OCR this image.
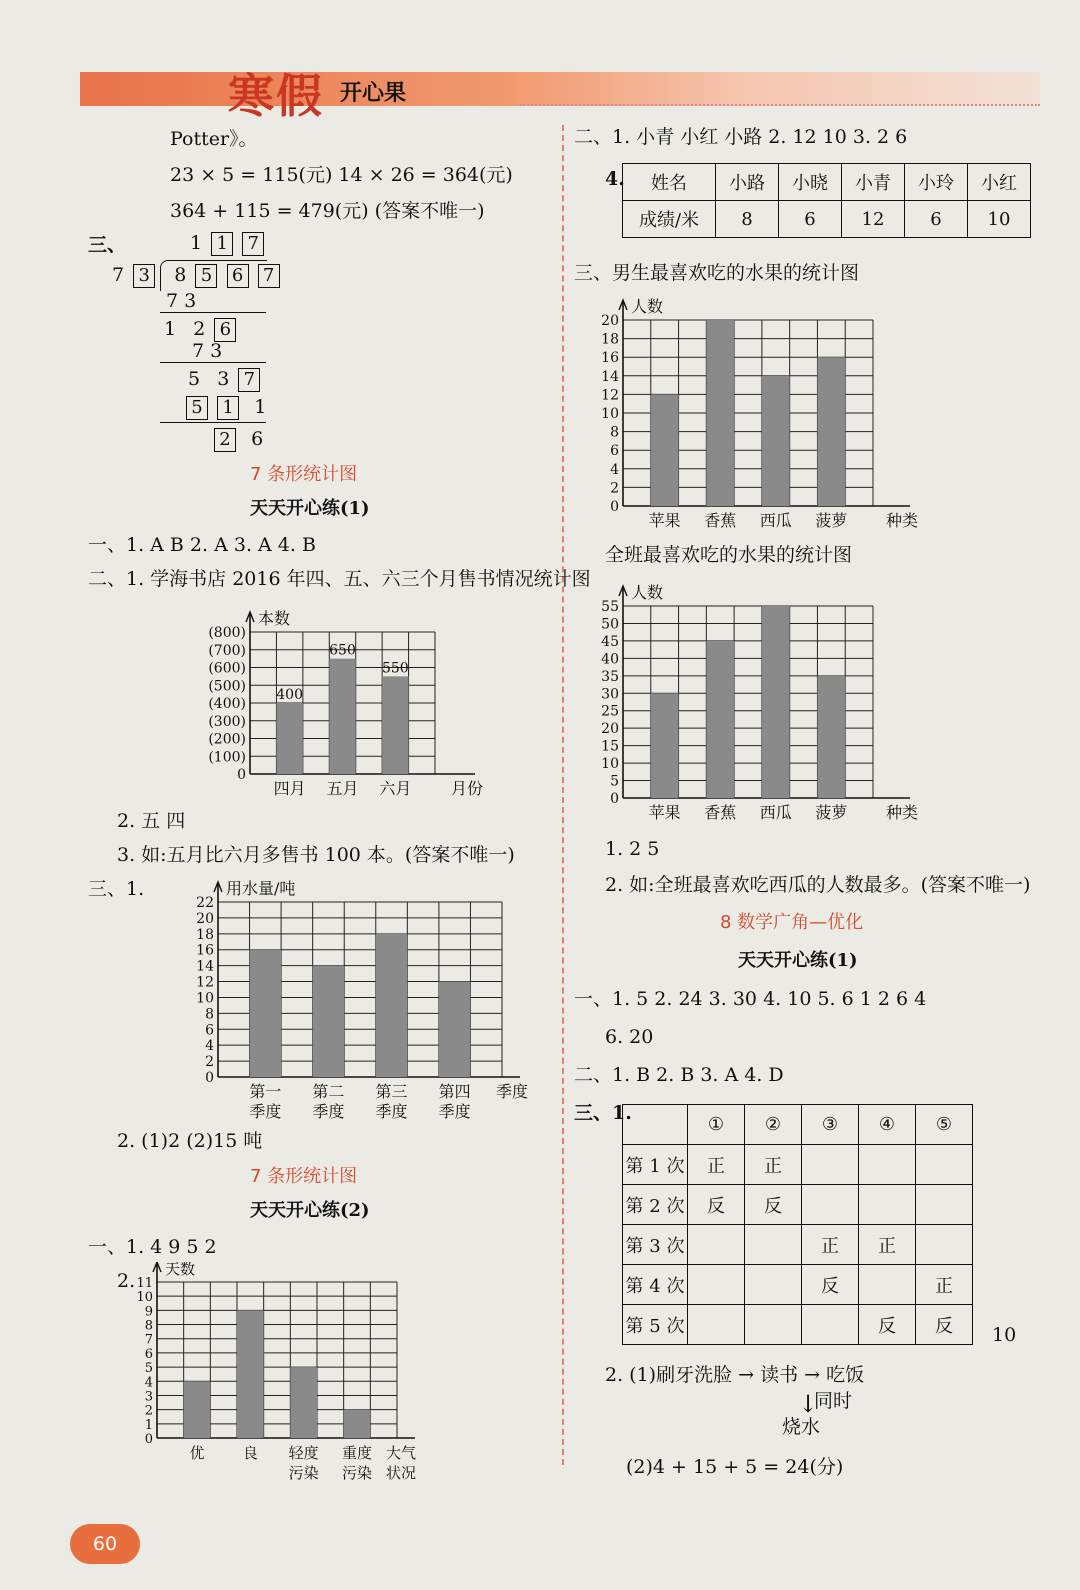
寒假 开心果
Potter》。
23 × 5 = 115(元) 14 × 26 = 364(元)
364 + 115 = 479(元) (答案不唯一)
三、	1 1 7
7 3 8 5 6 7
7 3
1 2 6
7 3
5 3 7
5 1 1
2 6
7 条形统计图
天天开心练(1)
一、1. A B 2. A 3. A 4. B
二、1. 学海书店 2016 年四、五、六三个月售书情况统计图
0
(100)
(200)
(300)
(400)
(500)
(600)
(700)
(800)
本数
四月
400
五月
650
六月
550
月份
2. 五 四
3. 如:五月比六月多售书 100 本。(答案不唯一)
三、1.
0
2
4
6
8
10
12
14
16
18
20
22
用水量/吨
第一
季度
第二
季度
第三
季度
第四
季度
季度
2. (1)2 (2)15 吨
7 条形统计图
天天开心练(2)
一、1. 4 9 5 2
2.
0
1
2
3
4
5
6
7
8
9
10
11
天数
优	良 轻度
污染
重度
污染
大气
状况
60
二、1. 小青 小红 小路 2. 12 10 3. 2 6
4. 姓名	小路	小晓	小青	小玲	小红
成绩/米	8	6	12	6	10
三、男生最喜欢吃的水果的统计图
0
2
4
6
8
10
12
14
16
18
20
人数
苹果 香蕉 西瓜 菠萝 种类
全班最喜欢吃的水果的统计图
0
5
10
15
20
25
30
35
40
45
50
55
人数
苹果 香蕉 西瓜 菠萝 种类
1. 2 5
2. 如:全班最喜欢吃西瓜的人数最多。(答案不唯一)
8 数学广角—优化
天天开心练(1)
一、1. 5 2. 24 3. 30 4. 10 5. 6 1 2 6 4
6. 20
二、1. B 2. B 3. A 4. D
三、1.
	①	②	③	④	⑤
第 1 次	正	正			
第 2 次	反	反			
第 3 次			正	正	
第 4 次			反		正
第 5 次				反	反 10
2. (1)刷牙洗脸 → 读书 → 吃饭
↓
同时
烧水
(2)4 + 15 + 5 = 24(分)
